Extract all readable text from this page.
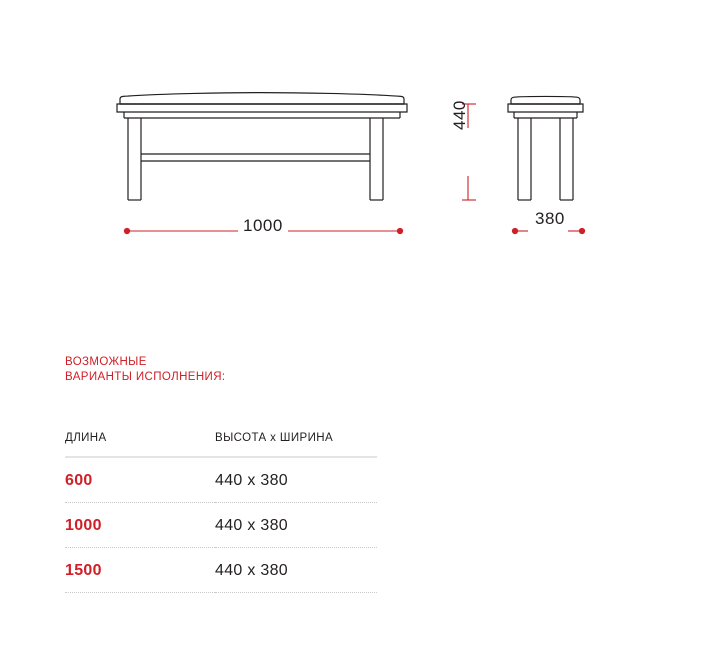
1000	380
440
ВОЗМОЖНЫЕ
ВАРИАНТЫ ИСПОЛНЕНИЯ:
ДЛИНА	ВЫСОТА x ШИРИНА
600	440 x 380
1000	440 x 380
1500	440 x 380
